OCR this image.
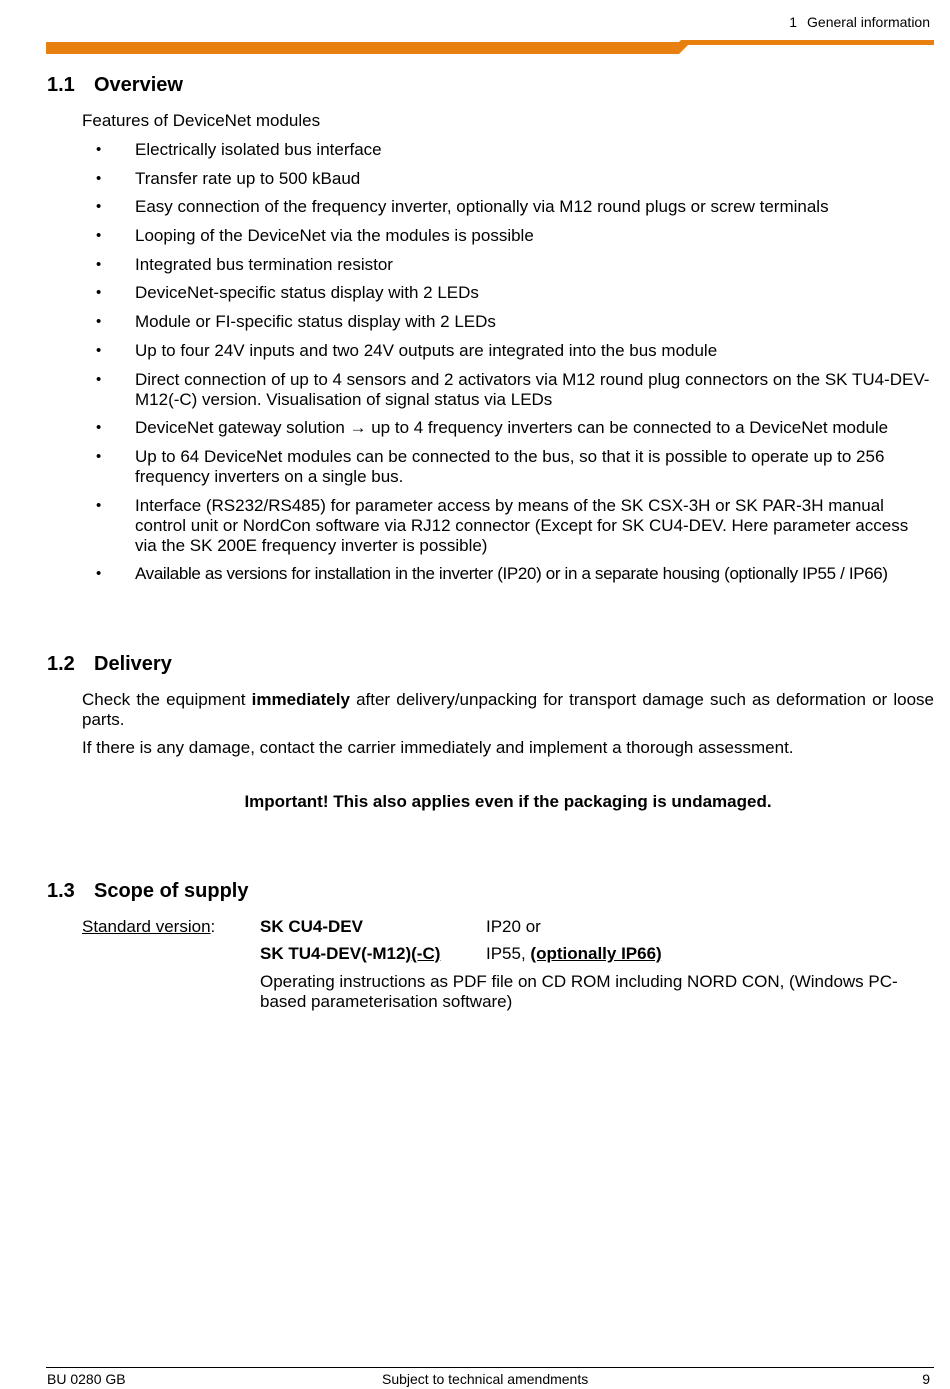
1 General information
1.1 Overview

Features of DeviceNet modules

• Electrically isolated bus interface
• Transfer rate up to 500 kBaud
• Easy connection of the frequency inverter, optionally via M12 round plugs or screw terminals
• Looping of the DeviceNet via the modules is possible
• Integrated bus termination resistor
• DeviceNet-specific status display with 2 LEDs
• Module or FI-specific status display with 2 LEDs
• Up to four 24V inputs and two 24V outputs are integrated into the bus module
• Direct connection of up to 4 sensors and 2 activators via M12 round plug connectors on the SK TU4-DEV-M12(-C) version. Visualisation of signal status via LEDs
• DeviceNet gateway solution → up to 4 frequency inverters can be connected to a DeviceNet module
• Up to 64 DeviceNet modules can be connected to the bus, so that it is possible to operate up to 256 frequency inverters on a single bus.
• Interface (RS232/RS485) for parameter access by means of the SK CSX-3H or SK PAR-3H manual control unit or NordCon software via RJ12 connector (Except for SK CU4-DEV. Here parameter access via the SK 200E frequency inverter is possible)
• Available as versions for installation in the inverter (IP20) or in a separate housing (optionally IP55 / IP66)
1.2 Delivery

Check the equipment immediately after delivery/unpacking for transport damage such as deformation or loose parts.

If there is any damage, contact the carrier immediately and implement a thorough assessment.

Important! This also applies even if the packaging is undamaged.

1.3 Scope of supply

Standard version:	SK CU4-DEV	IP20 or

SK TU4-DEV(-M12)(-C)	IP55, (optionally IP66)

Operating instructions as PDF file on CD ROM including NORD CON, (Windows PC-based parameterisation software)

BU 0280 GB	Subject to technical amendments	9
